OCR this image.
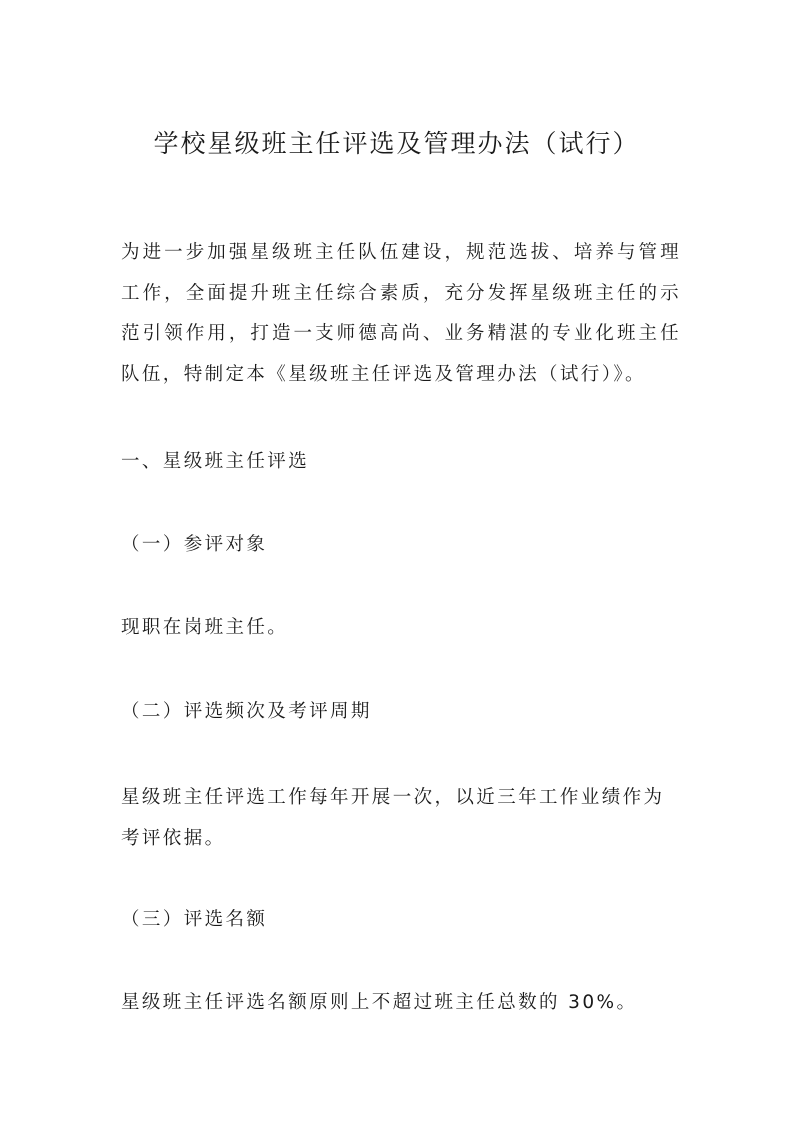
学校星级班主任评选及管理办法（试行）

为进一步加强星级班主任队伍建设，规范选拔、培养与管理工作，全面提升班主任综合素质，充分发挥星级班主任的示范引领作用，打造一支师德高尚、业务精湛的专业化班主任队伍，特制定本《星级班主任评选及管理办法（试行）》。

一、星级班主任评选

（一）参评对象

现职在岗班主任。

（二）评选频次及考评周期

星级班主任评选工作每年开展一次，以近三年工作业绩作为考评依据。

（三）评选名额

星级班主任评选名额原则上不超过班主任总数的 30%。
